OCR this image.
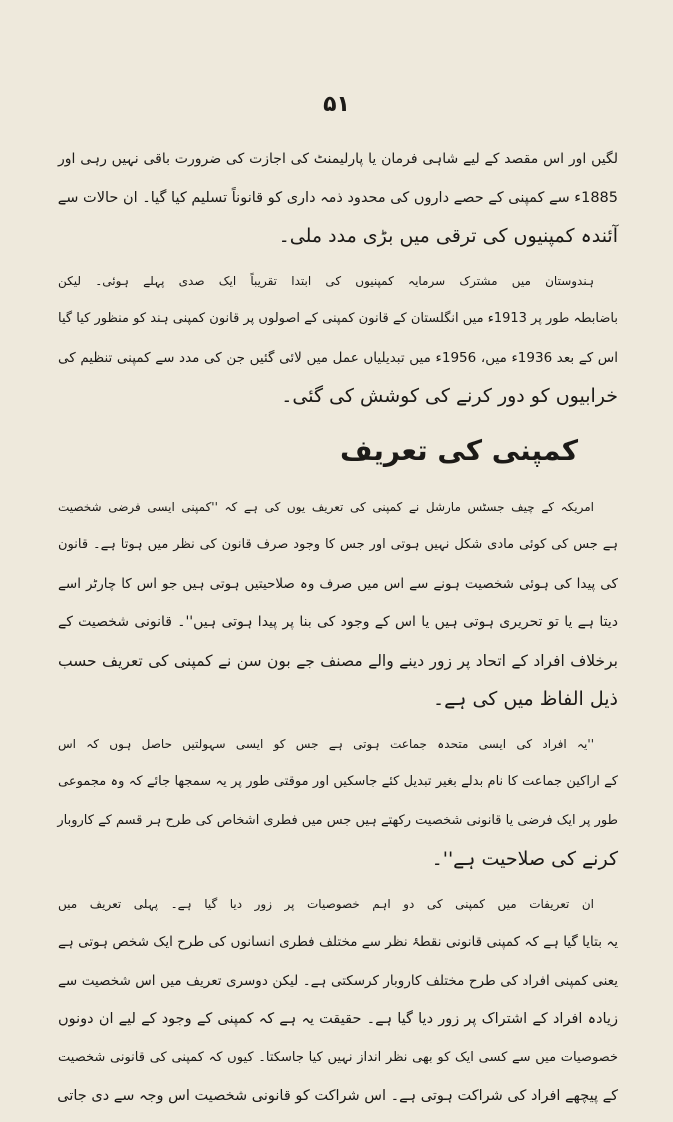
۵۱

لگیں اور اس مقصد کے لیے شاہی فرمان یا پارلیمنٹ کی اجازت کی ضرورت باقی نہیں رہی اور

1885ء سے کمپنی کے حصے داروں کی محدود ذمہ داری کو قانوناً تسلیم کیا گیا۔ ان حالات سے

آئندہ کمپنیوں کی ترقی میں بڑی مدد ملی۔

ہندوستان میں مشترک سرمایہ کمپنیوں کی ابتدا تقریباً ایک صدی پہلے ہوئی۔ لیکن

باضابطہ طور پر 1913ء میں انگلستان کے قانون کمپنی کے اصولوں پر قانون کمپنی ہند کو منظور کیا گیا

اس کے بعد 1936ء میں، 1956ء میں تبدیلیاں عمل میں لائی گئیں جن کی مدد سے کمپنی تنظیم کی

خرابیوں کو دور کرنے کی کوشش کی گئی۔

کمپنی کی تعریف

امریکہ کے چیف جسٹس مارشل نے کمپنی کی تعریف یوں کی ہے کہ ''کمپنی ایسی فرضی شخصیت

ہے جس کی کوئی مادی شکل نہیں ہوتی اور جس کا وجود صرف قانون کی نظر میں ہوتا ہے۔ قانون

کی پیدا کی ہوئی شخصیت ہونے سے اس میں صرف وہ صلاحیتیں ہوتی ہیں جو اس کا چارٹر اسے

دیتا ہے یا تو تحریری ہوتی ہیں یا اس کے وجود کی بنا پر پیدا ہوتی ہیں''۔ قانونی شخصیت کے

برخلاف افراد کے اتحاد پر زور دینے والے مصنف جے بون سن نے کمپنی کی تعریف حسب

ذیل الفاظ میں کی ہے۔

''یہ افراد کی ایسی متحدہ جماعت ہوتی ہے جس کو ایسی سہولتیں حاصل ہوں کہ اس

کے اراکین جماعت کا نام بدلے بغیر تبدیل کئے جاسکیں اور موقتی طور پر یہ سمجھا جائے کہ وہ مجموعی

طور پر ایک فرضی یا قانونی شخصیت رکھتے ہیں جس میں فطری اشخاص کی طرح ہر قسم کے کاروبار

کرنے کی صلاحیت ہے''۔

ان تعریفات میں کمپنی کی دو اہم خصوصیات پر زور دیا گیا ہے۔ پہلی تعریف میں

یہ بتایا گیا ہے کہ کمپنی قانونی نقطۂ نظر سے مختلف فطری انسانوں کی طرح ایک شخص ہوتی ہے

یعنی کمپنی افراد کی طرح مختلف کاروبار کرسکتی ہے۔ لیکن دوسری تعریف میں اس شخصیت سے

زیادہ افراد کے اشتراک پر زور دیا گیا ہے۔ حقیقت یہ ہے کہ کمپنی کے وجود کے لیے ان دونوں

خصوصیات میں سے کسی ایک کو بھی نظر انداز نہیں کیا جاسکتا۔ کیوں کہ کمپنی کی قانونی شخصیت

کے پیچھے افراد کی شراکت ہوتی ہے۔ اس شراکت کو قانونی شخصیت اس وجہ سے دی جاتی
